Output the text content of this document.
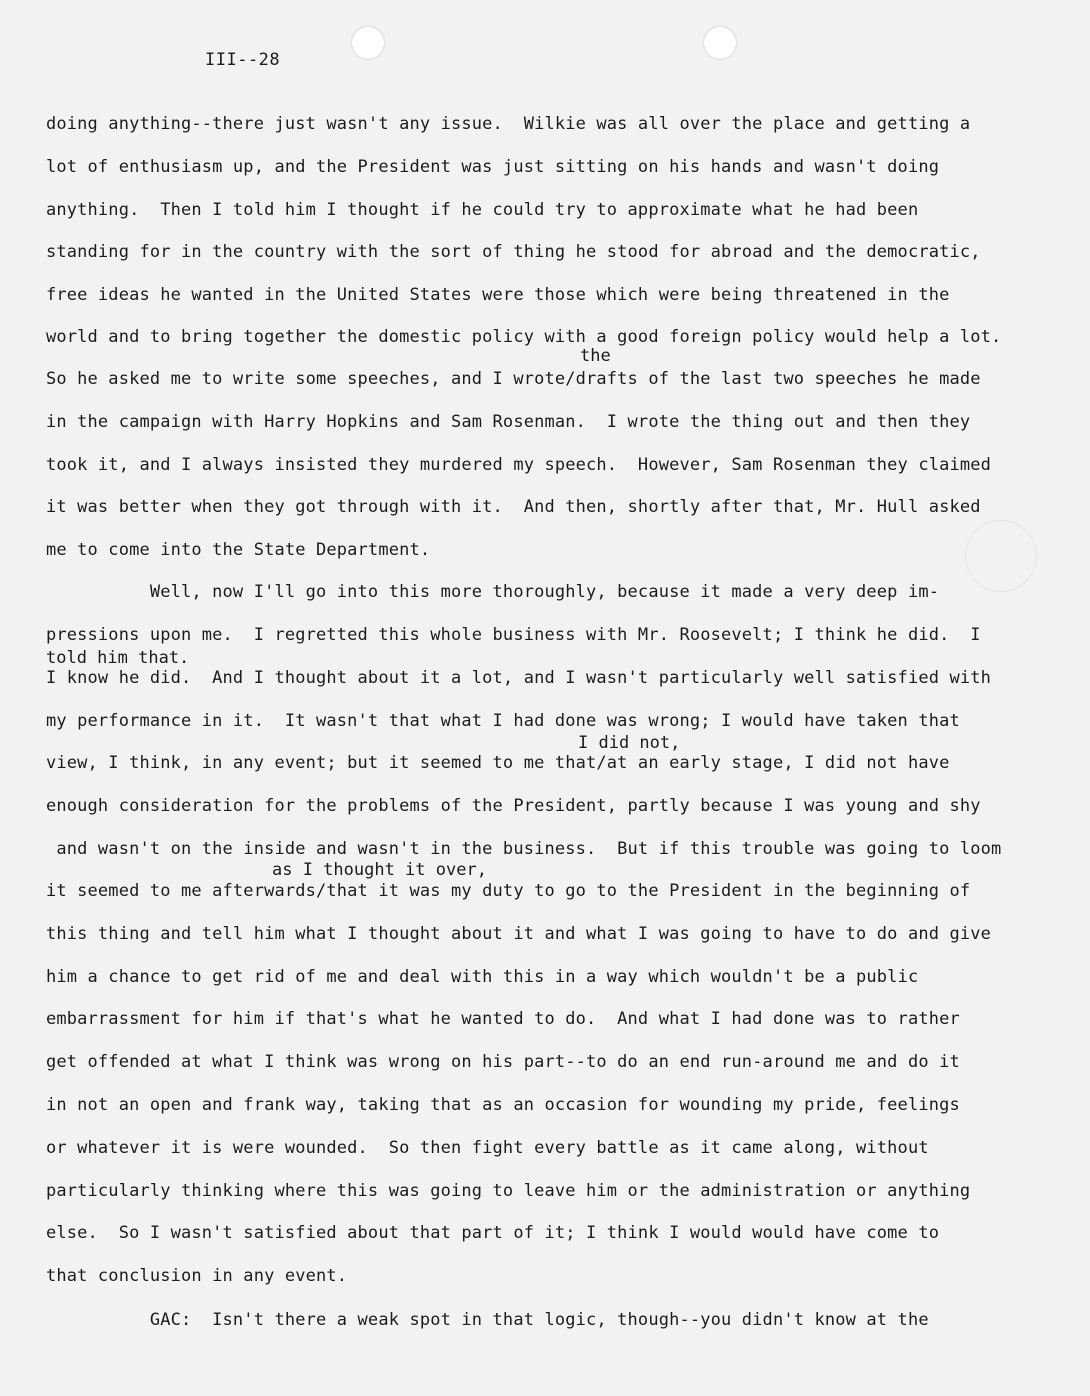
III--28
the
told him that.
I did not,
as I thought it over,
doing anything--there just wasn't any issue.  Wilkie was all over the place and getting a
lot of enthusiasm up, and the President was just sitting on his hands and wasn't doing
anything.  Then I told him I thought if he could try to approximate what he had been
standing for in the country with the sort of thing he stood for abroad and the democratic,
free ideas he wanted in the United States were those which were being threatened in the
world and to bring together the domestic policy with a good foreign policy would help a lot.
So he asked me to write some speeches, and I wrote/drafts of the last two speeches he made
in the campaign with Harry Hopkins and Sam Rosenman.  I wrote the thing out and then they
took it, and I always insisted they murdered my speech.  However, Sam Rosenman they claimed
it was better when they got through with it.  And then, shortly after that, Mr. Hull asked
me to come into the State Department.
Well, now I'll go into this more thoroughly, because it made a very deep im-
pressions upon me.  I regretted this whole business with Mr. Roosevelt; I think he did.  I
I know he did.  And I thought about it a lot, and I wasn't particularly well satisfied with
my performance in it.  It wasn't that what I had done was wrong; I would have taken that
view, I think, in any event; but it seemed to me that/at an early stage, I did not have
enough consideration for the problems of the President, partly because I was young and shy
and wasn't on the inside and wasn't in the business.  But if this trouble was going to loom
it seemed to me afterwards/that it was my duty to go to the President in the beginning of
this thing and tell him what I thought about it and what I was going to have to do and give
him a chance to get rid of me and deal with this in a way which wouldn't be a public
embarrassment for him if that's what he wanted to do.  And what I had done was to rather
get offended at what I think was wrong on his part--to do an end run-around me and do it
in not an open and frank way, taking that as an occasion for wounding my pride, feelings
or whatever it is were wounded.  So then fight every battle as it came along, without
particularly thinking where this was going to leave him or the administration or anything
else.  So I wasn't satisfied about that part of it; I think I would would have come to
that conclusion in any event.
GAC:  Isn't there a weak spot in that logic, though--you didn't know at the
